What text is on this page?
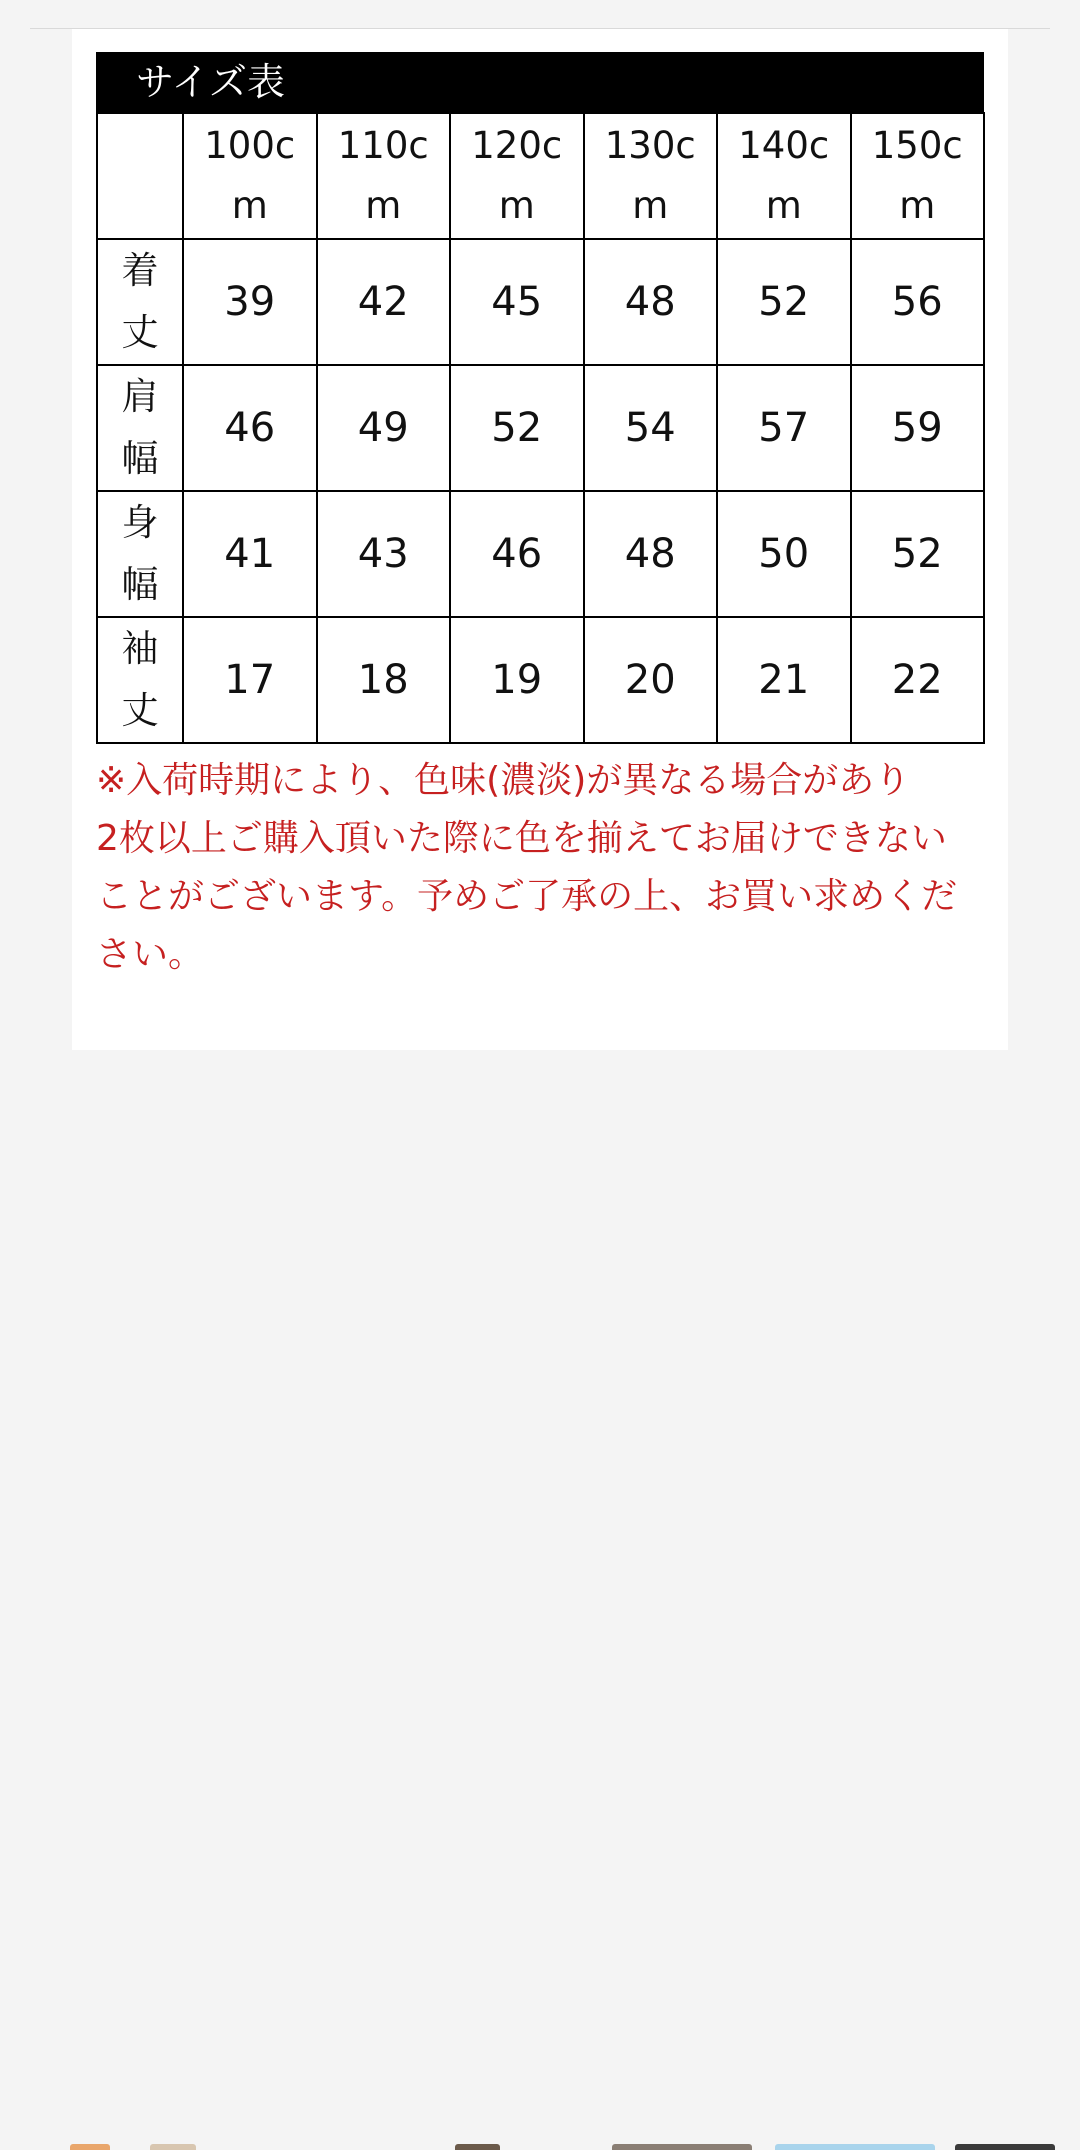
サイズ表

	100cm	110cm	120cm	130cm	140cm	150cm

着丈	39	42	45	48	52	56

肩幅	46	49	52	54	57	59

身幅	41	43	46	48	50	52

袖丈	17	18	19	20	21	22

※入荷時期により、色味(濃淡)が異なる場合があり

2枚以上ご購入頂いた際に色を揃えてお届けできないことがございます。予めご了承の上、お買い求めください。
